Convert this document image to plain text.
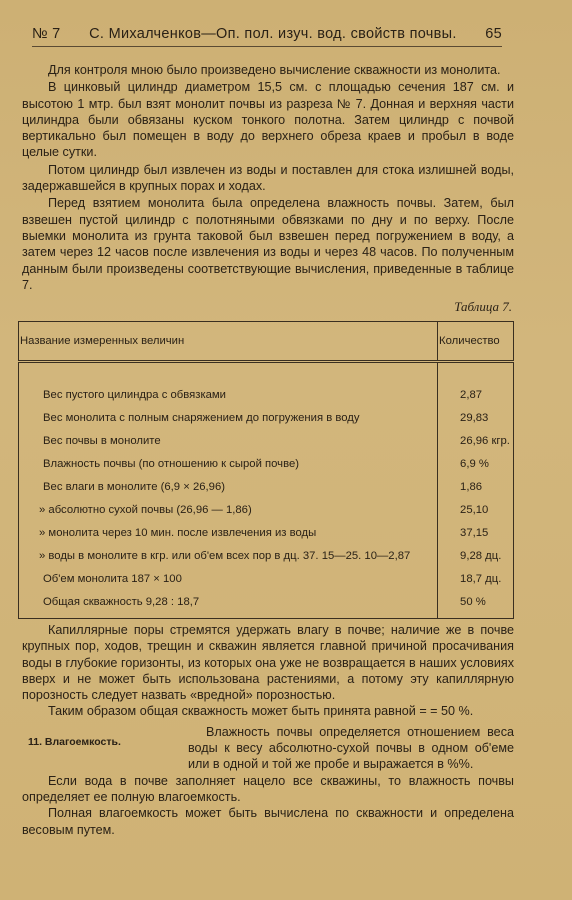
№ 7 С. Михалченков—Оп. пол. изуч. вод. свойств почвы. 65

Для контроля мною было произведено вычисление скважности из монолита.

В цинковый цилиндр диаметром 15,5 см. с площадью сечения 187 см. и высотою 1 мтр. был взят монолит почвы из разреза № 7. Донная и верхняя части цилиндра были обвязаны куском тонкого полотна. Затем цилиндр с почвой вертикально был помещен в воду до верхнего обреза краев и пробыл в воде целые сутки.

Потом цилиндр был извлечен из воды и поставлен для стока излишней воды, задержавшейся в крупных порах и ходах.

Перед взятием монолита была определена влажность почвы. Затем, был взвешен пустой цилиндр с полотняными обвязками по дну и по верху. После выемки монолита из грунта таковой был взвешен перед погружением в воду, а затем через 12 часов после извлечения из воды и через 48 часов. По полученным данным были произведены соответствующие вычисления, приведенные в таблице 7.

Таблица 7.
Название измеренных величин	Количество

Вес пустого цилиндра с обвязками	2,87
Вес монолита с полным снаряжением до погружения в воду	29,83
Вес почвы в монолите	26,96 кгр.
Влажность почвы (по отношению к сырой почве)	6,9 %
Вес влаги в монолите (6,9 × 26,96)	1,86
» абсолютно сухой почвы (26,96 — 1,86)	25,10
» монолита через 10 мин. после извлечения из воды	37,15
» воды в монолите в кгр. или об'ем всех пор в дц. 37. 15—25. 10—2,87	9,28 дц.
Об'ем монолита 187 × 100	18,7 дц.
Общая скважность 9,28 : 18,7	50 %

Капиллярные поры стремятся удержать влагу в почве; наличие же в почве крупных пор, ходов, трещин и скважин является главной причиной просачивания воды в глубокие горизонты, из которых она уже не возвращается в наших условиях вверх и не может быть использована растениями, а потому эту капиллярную порозность следует назвать «вредной» порозностью.

Таким образом общая скважность может быть принята равной = = 50 %.

11. Влагоемкость.
Влажность почвы определяется отношением веса воды к весу абсолютно-сухой почвы в одном об'еме или в одной и той же пробе и выражается в %%.

Если вода в почве заполняет нацело все скважины, то влажность почвы определяет ее полную влагоемкость.

Полная влагоемкость может быть вычислена по скважности и определена весовым путем.
